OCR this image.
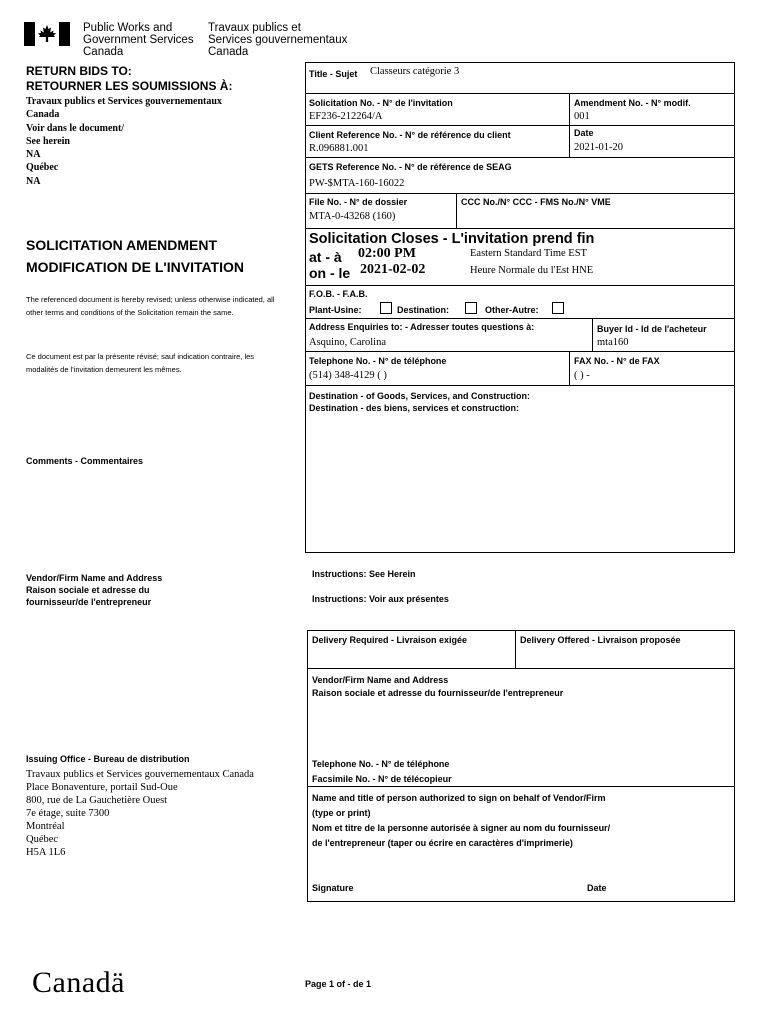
Public Works and
Government Services
Canada
Travaux publics et
Services gouvernementaux
Canada
RETURN BIDS TO:
RETOURNER LES SOUMISSIONS À:
Travaux publics et Services gouvernementaux
Canada
Voir dans le document/
See herein
NA
Québec
NA
SOLICITATION AMENDMENT
MODIFICATION DE L'INVITATION
The referenced document is hereby revised; unless otherwise indicated, all other terms and conditions of the Solicitation remain the same.
Ce document est par la présente révisé; sauf indication contraire, les modalités de l'invitation demeurent les mêmes.
Comments - Commentaires
Vendor/Firm Name and Address
Raison sociale et adresse du
fournisseur/de l'entrepreneur
Issuing Office - Bureau de distribution
Travaux publics et Services gouvernementaux Canada
Place Bonaventure, portail Sud-Oue
800, rue de La Gauchetière Ouest
7e étage, suite 7300
Montréal
Québec
H5A 1L6
Title - Sujet Classeurs catégorie 3
Solicitation No. - N° de l'invitation
EF236-212264/A
Amendment No. - N° modif.
001
Client Reference No. - N° de référence du client
R.096881.001
Date
2021-01-20
GETS Reference No. - N° de référence de SEAG
PW-$MTA-160-16022
File No. - N° de dossier
MTA-0-43268 (160)
CCC No./N° CCC - FMS No./N° VME
Solicitation Closes - L'invitation prend fin
at - à 02:00 PM	Eastern Standard Time EST
on - le 2021-02-02	Heure Normale du l'Est HNE
F.O.B. - F.A.B.
Plant-Usine:	Destination:	Other-Autre:
Address Enquiries to: - Adresser toutes questions à:
Asquino, Carolina
Buyer Id - Id de l'acheteur
mta160
Telephone No. - N° de téléphone
(514) 348-4129 ( )
FAX No. - N° de FAX
( ) -
Destination - of Goods, Services, and Construction:
Destination - des biens, services et construction:
Instructions: See Herein
Instructions: Voir aux présentes
Delivery Required - Livraison exigée	Delivery Offered - Livraison proposée
Vendor/Firm Name and Address
Raison sociale et adresse du fournisseur/de l'entrepreneur
Telephone No. - N° de téléphone
Facsimile No. - N° de télécopieur
Name and title of person authorized to sign on behalf of Vendor/Firm
(type or print)
Nom et titre de la personne autorisée à signer au nom du fournisseur/
de l'entrepreneur (taper ou écrire en caractères d'imprimerie)
Signature	Date
Canadä	Page 1 of - de 1
